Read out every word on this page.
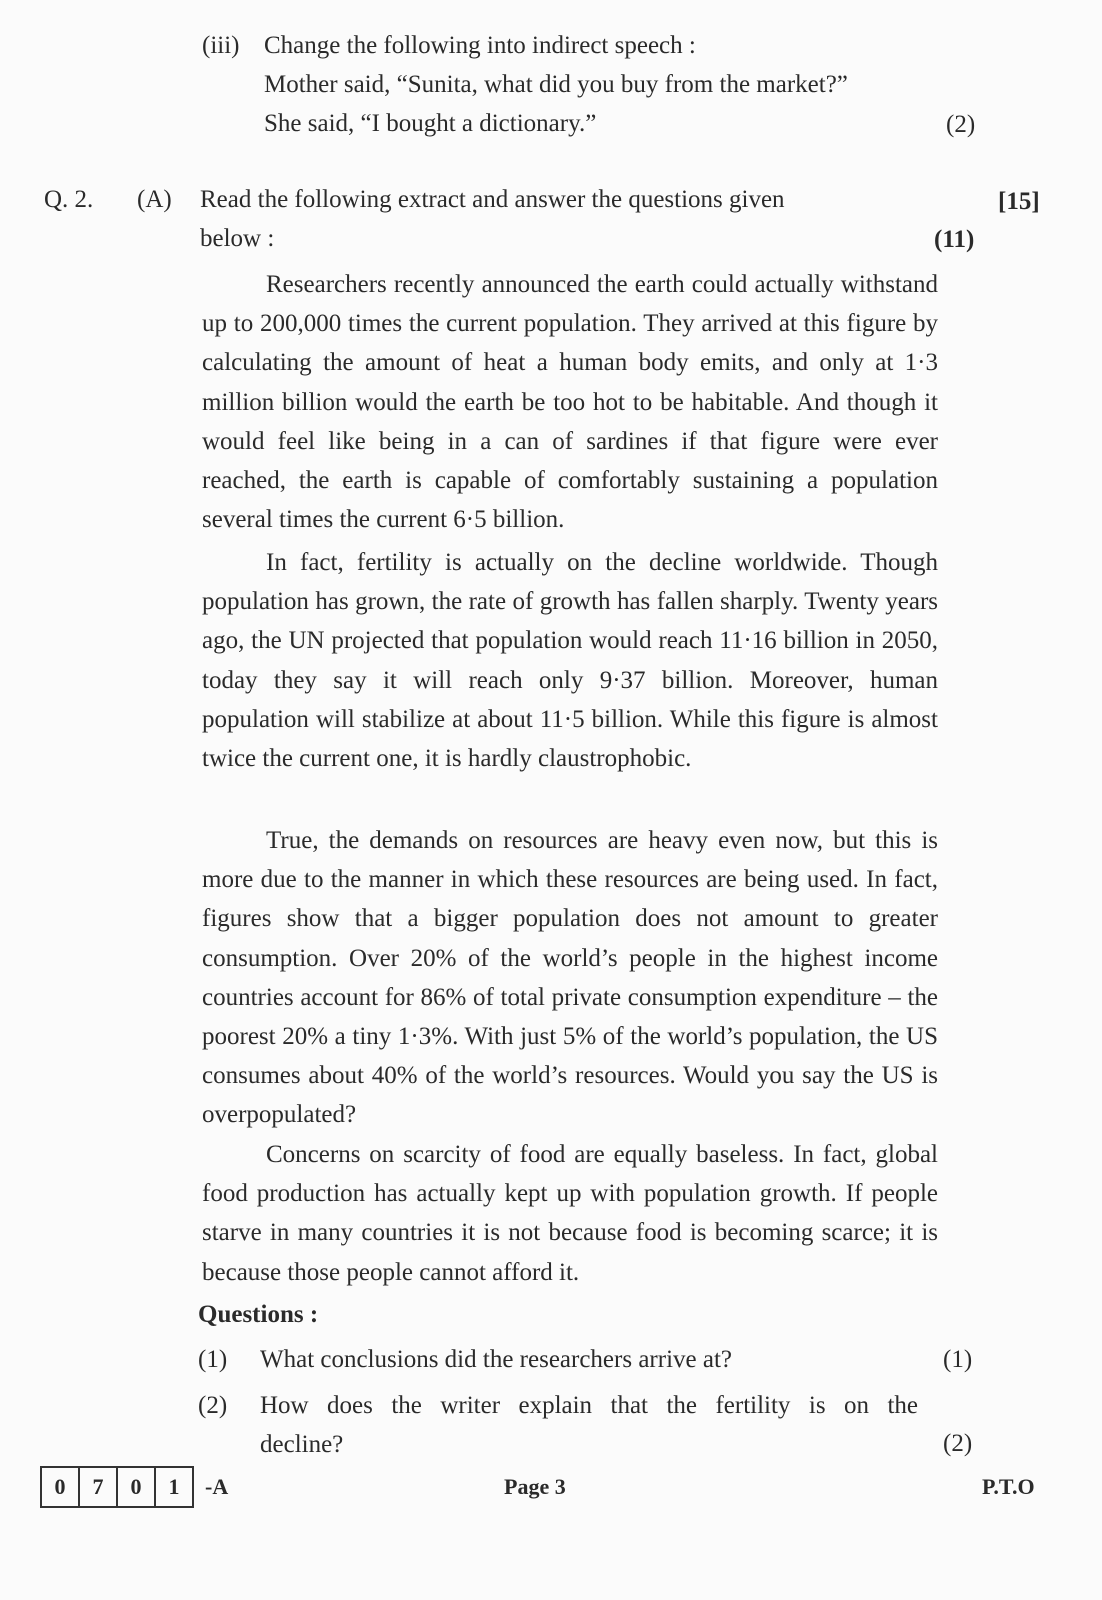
(iii) Change the following into indirect speech :
Mother said, “Sunita, what did you buy from the market?”
She said, “I bought a dictionary.”	(2)
Q. 2. (A) Read the following extract and answer the questions given
below :
[15]
(11)
Researchers recently announced the earth could actually withstand up to 200,000 times the current population. They arrived at this figure by calculating the amount of heat a human body emits, and only at 1·3 million billion would the earth be too hot to be habitable. And though it would feel like being in a can of sardines if that figure were ever reached, the earth is capable of comfortably sustaining a population several times the current 6·5 billion.
In fact, fertility is actually on the decline worldwide. Though population has grown, the rate of growth has fallen sharply. Twenty years ago, the UN projected that population would reach 11·16 billion in 2050, today they say it will reach only 9·37 billion. Moreover, human population will stabilize at about 11·5 billion. While this figure is almost twice the current one, it is hardly claustrophobic.
True, the demands on resources are heavy even now, but this is more due to the manner in which these resources are being used. In fact, figures show that a bigger population does not amount to greater consumption. Over 20% of the world’s people in the highest income countries account for 86% of total private consumption expenditure – the poorest 20% a tiny 1·3%. With just 5% of the world’s population, the US consumes about 40% of the world’s resources. Would you say the US is overpopulated?
Concerns on scarcity of food are equally baseless. In fact, global food production has actually kept up with population growth. If people starve in many countries it is not because food is becoming scarce; it is because those people cannot afford it.
Questions :
(1) What conclusions did the researchers arrive at?	(1)
(2) How does the writer explain that the fertility is on the
decline?	(2)
0	7	0	1	-A	Page 3	P.T.O
